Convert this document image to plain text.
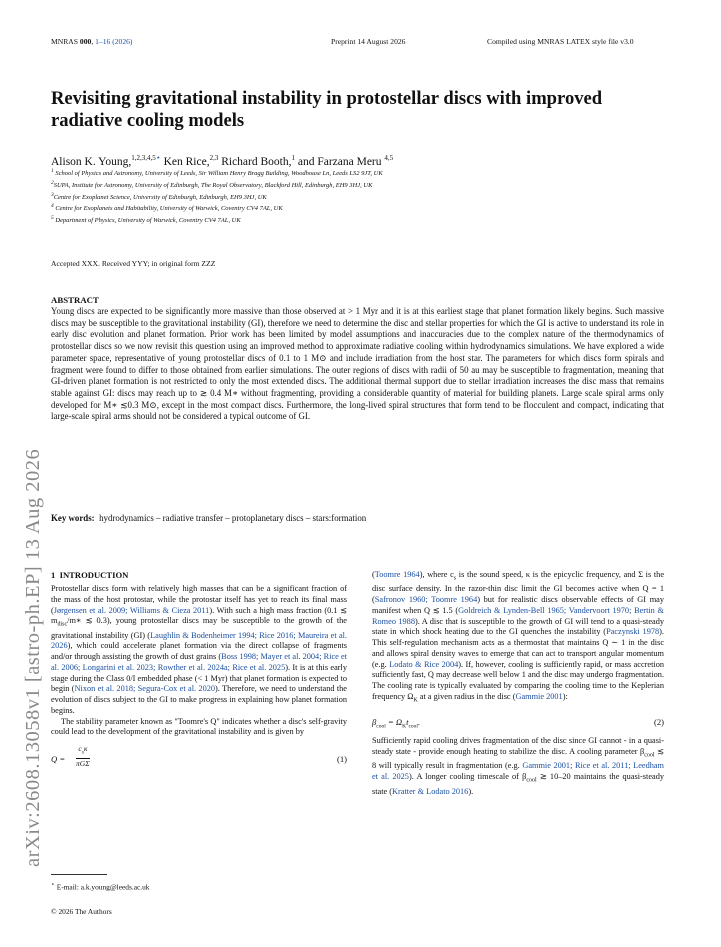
MNRAS 000, 1–16 (2026)	Preprint 14 August 2026	Compiled using MNRAS LATEX style file v3.0
Revisiting gravitational instability in protostellar discs with improved radiative cooling models
Alison K. Young,$^{1,2,3,4,5⋆}$ Ken Rice,$^{2,3}$ Richard Booth,$^1$ and Farzana Meru $^{4,5}$
$^1$ School of Physics and Astronomy, University of Leeds, Sir William Henry Bragg Building, Woodhouse Ln, Leeds LS2 9JT, UK
$^2$SUPA, Institute for Astronomy, University of Edinburgh, The Royal Observatory, Blackford Hill, Edinburgh, EH9 3HJ, UK
$^3$Centre for Exoplanet Science, University of Edinburgh, Edinburgh, EH9 3HJ, UK
$^4$ Centre for Exoplanets and Habitability, University of Warwick, Coventry CV4 7AL, UK
$^5$ Department of Physics, University of Warwick, Coventry CV4 7AL, UK
Accepted XXX. Received YYY; in original form ZZZ
ABSTRACT
Young discs are expected to be significantly more massive than those observed at > 1 Myr and it is at this earliest stage that planet formation likely begins. Such massive discs may be susceptible to the gravitational instability (GI), therefore we need to determine the disc and stellar properties for which the GI is active to understand its role in early disc evolution and planet formation. Prior work has been limited by model assumptions and inaccuracies due to the complex nature of the thermodynamics of protostellar discs so we now revisit this question using an improved method to approximate radiative cooling within hydrodynamics simulations. We have explored a wide parameter space, representative of young protostellar discs of 0.1 to 1 M⊙ and include irradiation from the host star. The parameters for which discs form spirals and fragment were found to differ to those obtained from earlier simulations. The outer regions of discs with radii of 50 au may be susceptible to fragmentation, meaning that GI-driven planet formation is not restricted to only the most extended discs. The additional thermal support due to stellar irradiation increases the disc mass that remains stable against GI: discs may reach up to ≳ 0.4 M∗ without fragmenting, providing a considerable quantity of material for building planets. Large scale spiral arms only developed for M∗ ≲0.3 M⊙, except in the most compact discs. Furthermore, the long-lived spiral structures that form tend to be flocculent and compact, indicating that large-scale spiral arms should not be considered a typical outcome of GI.
Key words: hydrodynamics – radiative transfer – protoplanetary discs – stars:formation
arXiv:2608.13058v1 [astro-ph.EP] 13 Aug 2026 1 INTRODUCTION

Protostellar discs form with relatively high masses that can be a significant fraction of the mass of the host protostar, while the protostar itself has yet to reach its final mass (Jørgensen et al. 2009; Williams & Cieza 2011). With such a high mass fraction (0.1 ≲ $m_{disc}/m∗$ ≲ 0.3), young protostellar discs may be susceptible to the growth of the gravitational instability (GI) (Laughlin & Bodenheimer 1994; Rice 2016; Maureira et al. 2026), which could accelerate planet formation via the direct collapse of fragments and/or through assisting the growth of dust grains (Boss 1998; Mayer et al. 2004; Rice et al. 2006; Longarini et al. 2023; Rowther et al. 2024a; Rice et al. 2025). It is at this early stage during the Class 0/I embedded phase (< 1 Myr) that planet formation is expected to begin (Nixon et al. 2018; Segura-Cox et al. 2020). Therefore, we need to understand the evolution of discs subject to the GI to make progress in explaining how planet formation begins.

The stability parameter known as "Toomre's Q" indicates whether a disc's self-gravity could lead to the development of the gravitational instability and is given by

Q =
$c_s\kappa$
πGΣ	(1)

(Toomre 1964), where $c_s$ is the sound speed, κ is the epicyclic frequency, and Σ is the disc surface density. In the razor-thin disc limit the GI becomes active when Q = 1 (Safronov 1960; Toomre 1964) but for realistic discs observable effects of GI may manifest when Q ≲ 1.5 (Goldreich & Lynden-Bell 1965; Vandervoort 1970; Bertin & Romeo 1988). A disc that is susceptible to the growth of GI will tend to a quasi-steady state in which shock heating due to the GI quenches the instability (Paczynski 1978). This self-regulation mechanism acts as a thermostat that maintains Q ∼ 1 in the disc and allows spiral density waves to emerge that can act to transport angular momentum (e.g. Lodato & Rice 2004). If, however, cooling is sufficiently rapid, or mass accretion sufficiently fast, Q may decrease well below 1 and the disc may undergo fragmentation. The cooling rate is typically evaluated by comparing the cooling time to the Keplerian frequency $\Omega_K$ at a given radius in the disc (Gammie 2001):

$\beta_{cool} = \Omega_Kt_{cool}$.	(2)

Sufficiently rapid cooling drives fragmentation of the disc since GI cannot - in a quasi-steady state - provide enough heating to stabilize the disc. A cooling parameter $\beta_{cool}$ ≲ 8 will typically result in fragmentation (e.g. Gammie 2001; Rice et al. 2011; Leedham et al. 2025). A longer cooling timescale of $\beta_{cool}$ ≳ 10–20 maintains the quasi-steady state (Kratter & Lodato 2016).

⋆ E-mail: a.k.young@leeds.ac.uk
© 2026 The Authors
